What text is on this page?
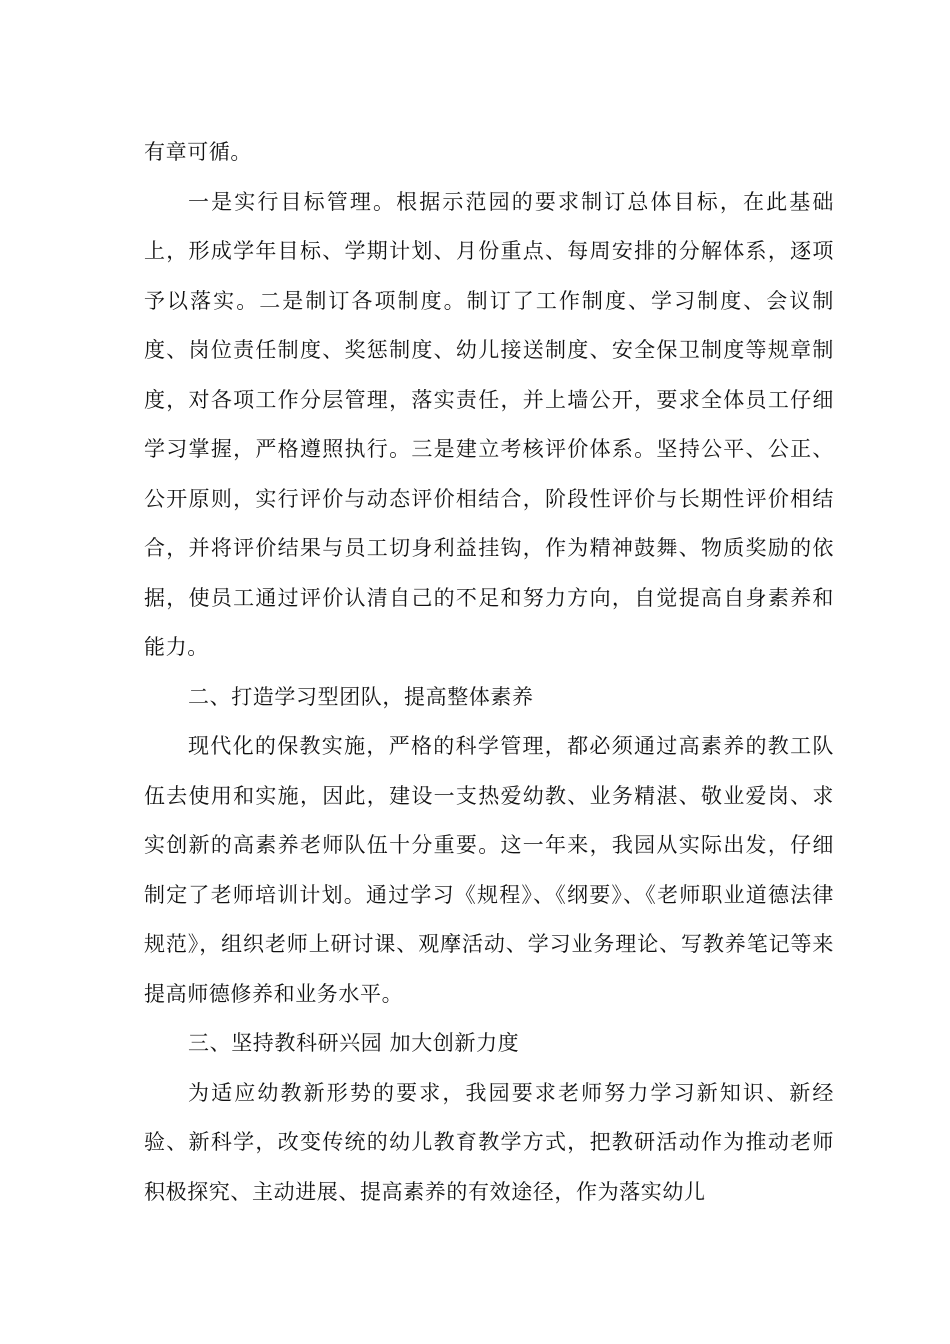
有章可循。

一是实行目标管理。根据示范园的要求制订总体目标，在此基础上，形成学年目标、学期计划、月份重点、每周安排的分解体系，逐项予以落实。二是制订各项制度。制订了工作制度、学习制度、会议制度、岗位责任制度、奖惩制度、幼儿接送制度、安全保卫制度等规章制度，对各项工作分层管理，落实责任，并上墙公开，要求全体员工仔细学习掌握，严格遵照执行。三是建立考核评价体系。坚持公平、公正、公开原则，实行评价与动态评价相结合，阶段性评价与长期性评价相结合，并将评价结果与员工切身利益挂钩，作为精神鼓舞、物质奖励的依据，使员工通过评价认清自己的不足和努力方向，自觉提高自身素养和能力。

二、打造学习型团队，提高整体素养

现代化的保教实施，严格的科学管理，都必须通过高素养的教工队伍去使用和实施，因此，建设一支热爱幼教、业务精湛、敬业爱岗、求实创新的高素养老师队伍十分重要。这一年来，我园从实际出发，仔细制定了老师培训计划。通过学习《规程》、《纲要》、《老师职业道德法律规范》，组织老师上研讨课、观摩活动、学习业务理论、写教养笔记等来提高师德修养和业务水平。

三、坚持教科研兴园 加大创新力度

为适应幼教新形势的要求，我园要求老师努力学习新知识、新经验、新科学，改变传统的幼儿教育教学方式，把教研活动作为推动老师积极探究、主动进展、提高素养的有效途径，作为落实幼儿
